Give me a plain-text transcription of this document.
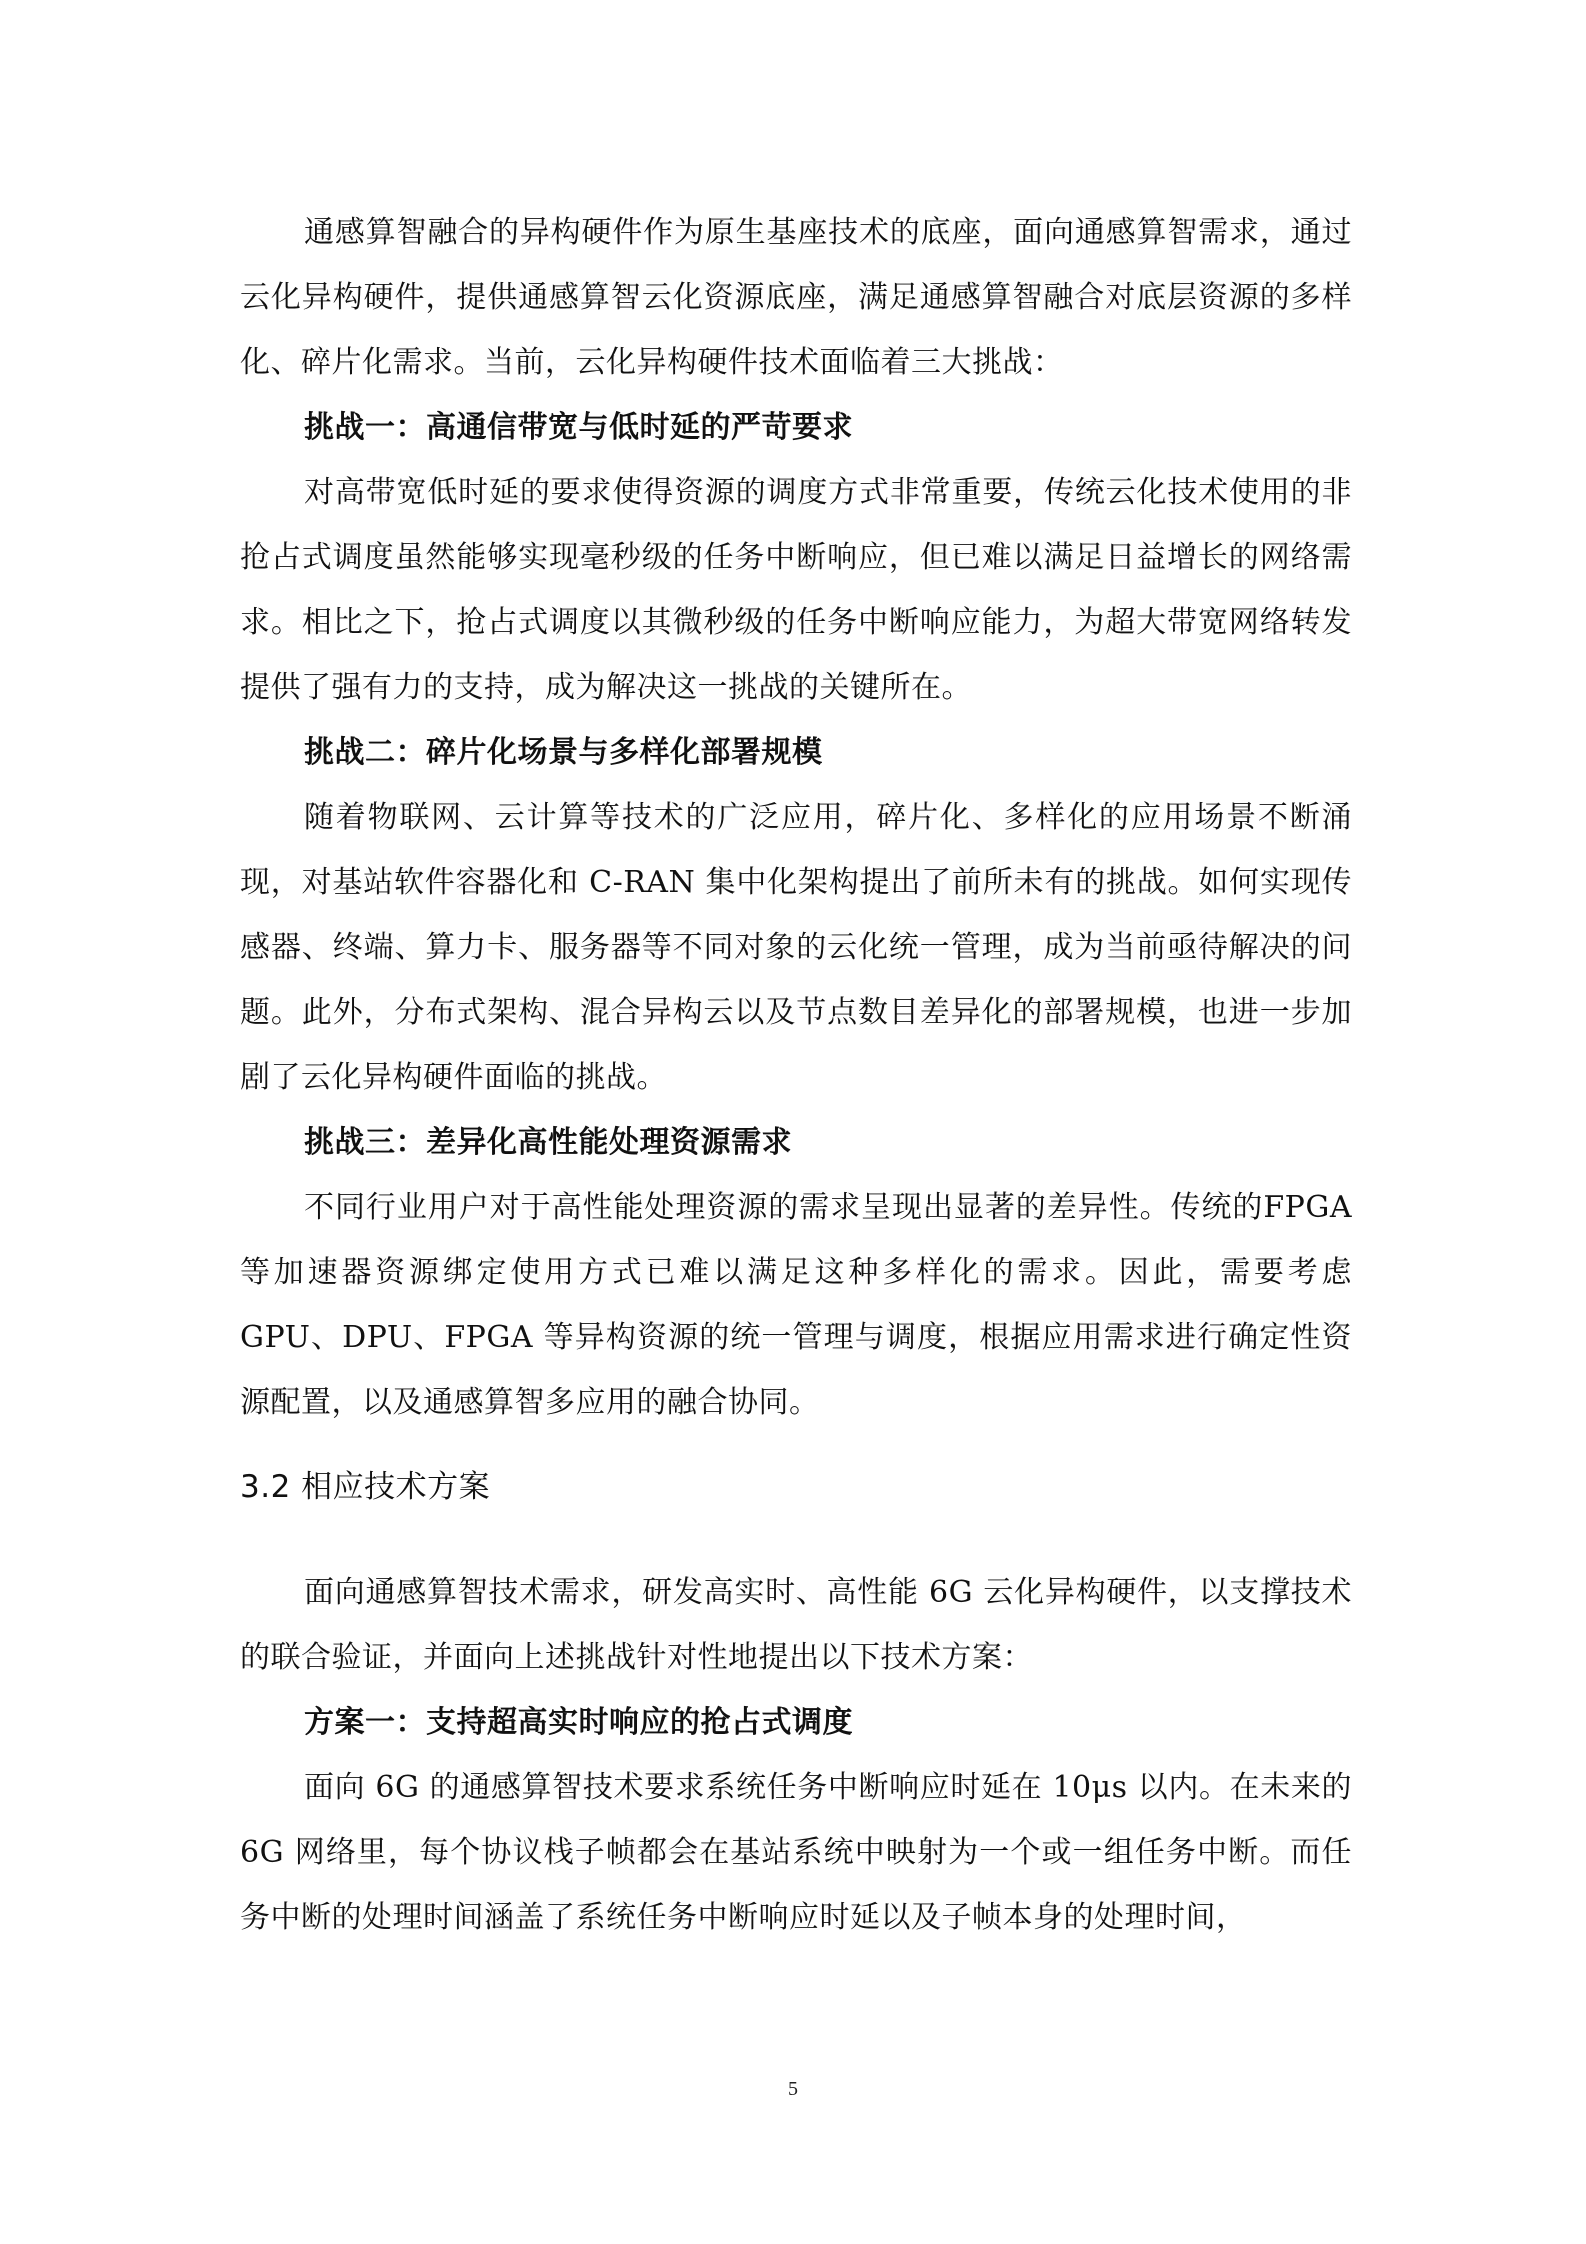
通感算智融合的异构硬件作为原生基座技术的底座，面向通感算智需求，通过云化异构硬件，提供通感算智云化资源底座，满足通感算智融合对底层资源的多样化、碎片化需求。当前，云化异构硬件技术面临着三大挑战：

挑战一：高通信带宽与低时延的严苛要求

对高带宽低时延的要求使得资源的调度方式非常重要，传统云化技术使用的非抢占式调度虽然能够实现毫秒级的任务中断响应，但已难以满足日益增长的网络需求。相比之下，抢占式调度以其微秒级的任务中断响应能力，为超大带宽网络转发提供了强有力的支持，成为解决这一挑战的关键所在。

挑战二：碎片化场景与多样化部署规模

随着物联网、云计算等技术的广泛应用，碎片化、多样化的应用场景不断涌现，对基站软件容器化和 C-RAN 集中化架构提出了前所未有的挑战。如何实现传感器、终端、算力卡、服务器等不同对象的云化统一管理，成为当前亟待解决的问题。此外，分布式架构、混合异构云以及节点数目差异化的部署规模，也进一步加剧了云化异构硬件面临的挑战。

挑战三：差异化高性能处理资源需求

不同行业用户对于高性能处理资源的需求呈现出显著的差异性。传统的FPGA 等加速器资源绑定使用方式已难以满足这种多样化的需求。因此，需要考虑 GPU、DPU、FPGA 等异构资源的统一管理与调度，根据应用需求进行确定性资源配置，以及通感算智多应用的融合协同。

3.2 相应技术方案

面向通感算智技术需求，研发高实时、高性能 6G 云化异构硬件，以支撑技术的联合验证，并面向上述挑战针对性地提出以下技术方案：

方案一：支持超高实时响应的抢占式调度

面向 6G 的通感算智技术要求系统任务中断响应时延在 10μs 以内。在未来的 6G 网络里，每个协议栈子帧都会在基站系统中映射为一个或一组任务中断。而任务中断的处理时间涵盖了系统任务中断响应时延以及子帧本身的处理时间，

5
